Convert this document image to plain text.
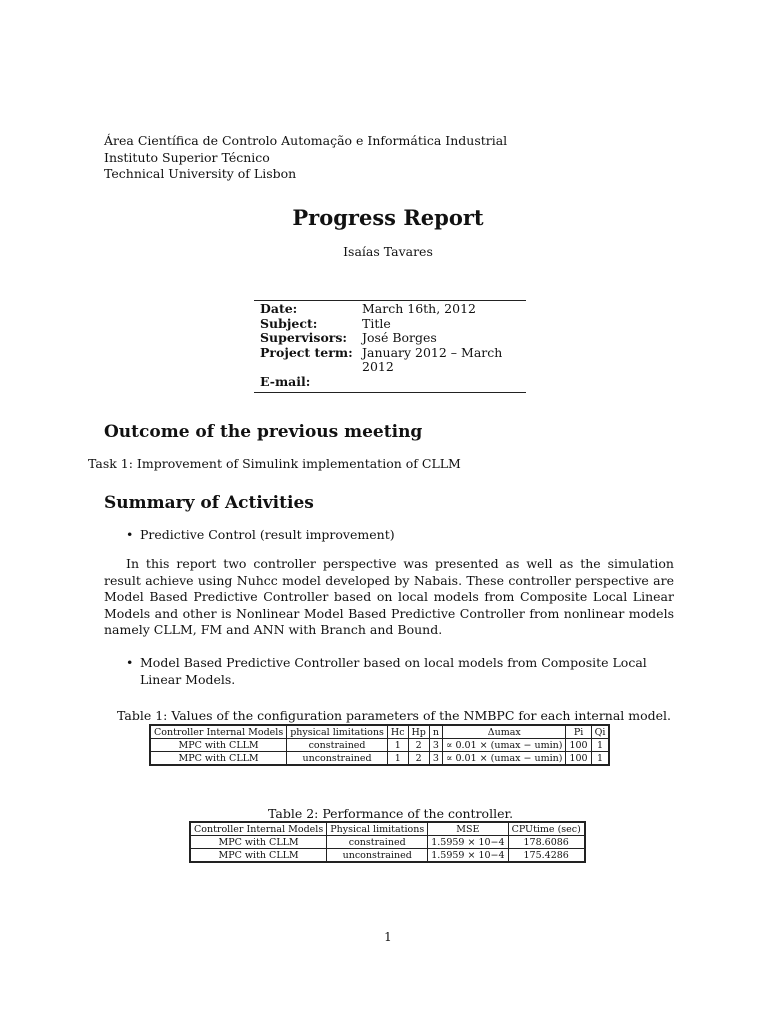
Área Científica de Controlo Automação e Informática Industrial
Instituto Superior Técnico
Technical University of Lisbon
Progress Report
Isaías Tavares
Date:	March 16th, 2012
Subject:	Title
Supervisors:	José Borges
Project term: January 2012 – March 2012
E-mail:
Outcome of the previous meeting
Task 1: Improvement of Simulink implementation of CLLM
Summary of Activities
• Predictive Control (result improvement)
In this report two controller perspective was presented as well as the simulation result achieve using Nuhcc model developed by Nabais. These controller perspective are Model Based Predictive Controller based on local models from Composite Local Linear Models and other is Nonlinear Model Based Predictive Controller from nonlinear models namely CLLM, FM and ANN with Branch and Bound.
• Model Based Predictive Controller based on local models from Composite Local Linear Models.
Table 1: Values of the configuration parameters of the NMBPC for each internal model.
Controller Internal Models	physical limitations	Hc	Hp	n	Δumax	Pi	Qi
MPC with CLLM	constrained	1	2	3	∝ 0.01 × (umax − umin)	100	1
MPC with CLLM	unconstrained	1	2	3	∝ 0.01 × (umax − umin)	100	1
Table 2: Performance of the controller.
Controller Internal Models	Physical limitations	MSE	CPUtime (sec)
MPC with CLLM	constrained	1.5959 × 10−4	178.6086
MPC with CLLM	unconstrained	1.5959 × 10−4	175.4286
1
